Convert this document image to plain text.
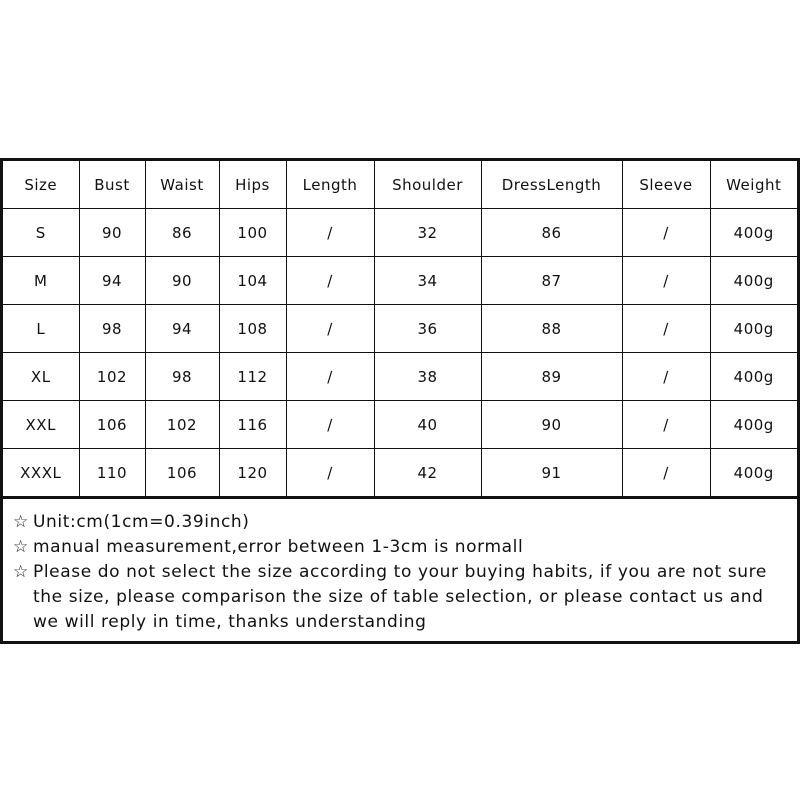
Size	Bust	Waist	Hips	Length	Shoulder	DressLength	Sleeve	Weight
S	90	86	100	/	32	86	/	400g
M	94	90	104	/	34	87	/	400g
L	98	94	108	/	36	88	/	400g
XL	102	98	112	/	38	89	/	400g
XXL	106	102	116	/	40	90	/	400g
XXXL	110	106	120	/	42	91	/	400g
☆ Unit:cm(1cm=0.39inch)
☆ manual measurement,error between 1-3cm is normall
☆ Please do not select the size according to your buying habits, if you are not sure the size, please comparison the size of table selection, or please contact us and we will reply in time, thanks understanding
